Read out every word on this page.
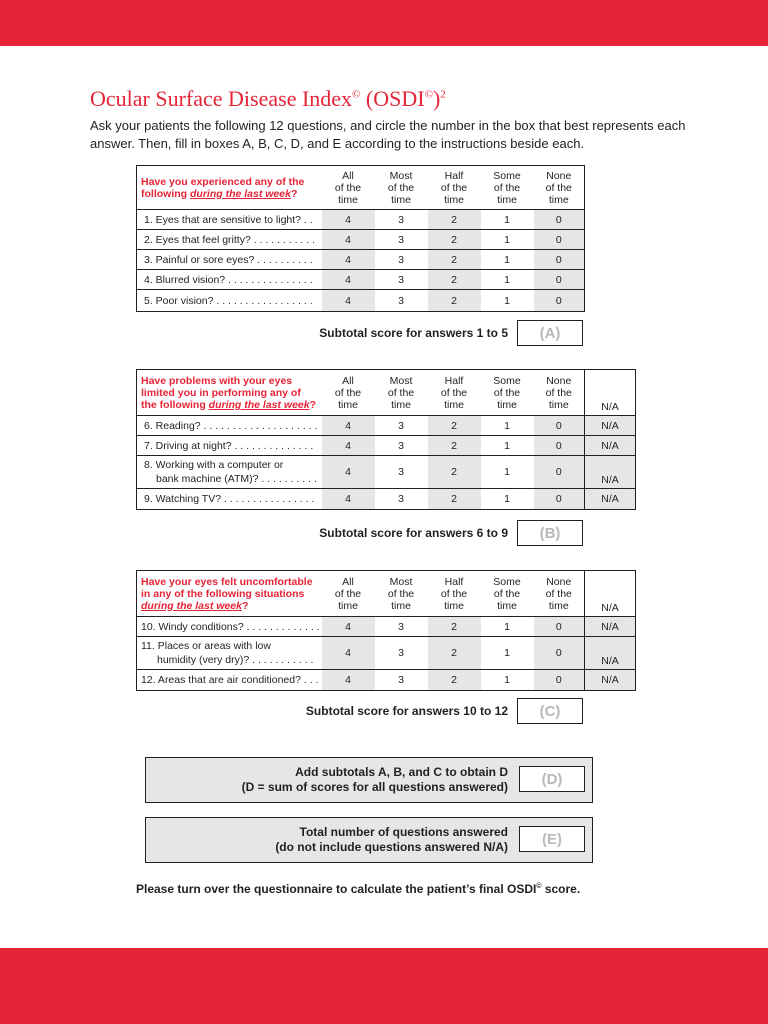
Ocular Surface Disease Index© (OSDI©)$^2$

Ask your patients the following 12 questions, and circle the number in the box that best represents each answer. Then, fill in boxes A, B, C, D, and E according to the instructions beside each.

Have you experienced any of the
following during the last week?	All
of the
time	Most
of the
time	Half
of the
time	Some
of the
time	None
of the
time
1. Eyes that are sensitive to light? . .	4	3	2	1	0
2. Eyes that feel gritty? . . . . . . . . . . .	4	3	2	1	0
3. Painful or sore eyes? . . . . . . . . . .	4	3	2	1	0
4. Blurred vision? . . . . . . . . . . . . . . .	4	3	2	1	0
5. Poor vision? . . . . . . . . . . . . . . . . .	4	3	2	1	0
Subtotal score for answers 1 to 5 (A)
Have problems with your eyes
limited you in performing any of
the following during the last week?	All
of the
time	Most
of the
time	Half
of the
time	Some
of the
time	None
of the
time	N/A
6. Reading? . . . . . . . . . . . . . . . . . . . .	4	3	2	1	0	N/A
7. Driving at night? . . . . . . . . . . . . . .	4	3	2	1	0	N/A
8. Working with a computer or
bank machine (ATM)? . . . . . . . . . .	4	3	2	1	0	N/A
9. Watching TV? . . . . . . . . . . . . . . . .	4	3	2	1	0	N/A
Subtotal score for answers 6 to 9 (B)
Have your eyes felt uncomfortable
in any of the following situations
during the last week?	All
of the
time	Most
of the
time	Half
of the
time	Some
of the
time	None
of the
time	N/A
10. Windy conditions? . . . . . . . . . . . . .	4	3	2	1	0	N/A
11. Places or areas with low
humidity (very dry)? . . . . . . . . . . .	4	3	2	1	0	N/A
12. Areas that are air conditioned? . . .	4	3	2	1	0	N/A
Subtotal score for answers 10 to 12 (C)
Add subtotals A, B, and C to obtain D
(D = sum of scores for all questions answered) (D)
Total number of questions answered
(do not include questions answered N/A) (E)

Please turn over the questionnaire to calculate the patient’s final OSDI© score.
